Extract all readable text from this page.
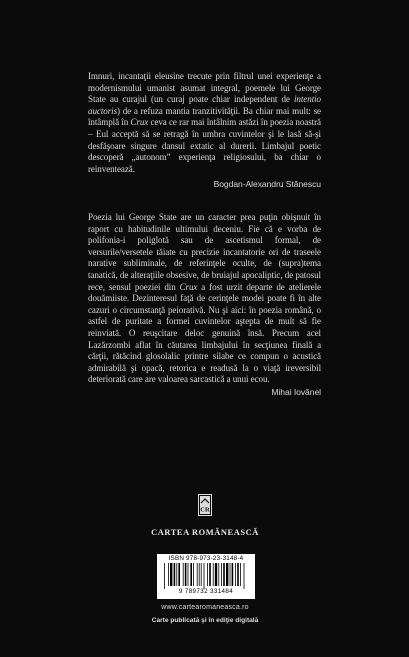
Imnuri, incantaţii eleusine trecute prin filtrul unei experienţe a modernismului umanist asumat integral, poemele lui George State au curajul (un curaj poate chiar independent de intentio auctoris) de a refuza mantia tranzitivităţii. Ba chiar mai mult: se întâmplă în Crux ceva ce rar mai întâlnim astăzi în poezia noastră – Eul acceptă să se retragă în umbra cuvintelor şi le lasă să-şi desfăşoare singure dansul extatic al durerii. Limbajul poetic descoperă „autonom” experienţa religiosului, ba chiar o reinventează.

Bogdan-Alexandru Stănescu

Poezia lui George State are un caracter prea puţin obişnuit în raport cu habitudinile ultimului deceniu. Fie că e vorba de polifonia-i poliglotă sau de ascetismul formal, de versurile/versetele tăiate cu precizie incantatorie ori de traseele narative subliminale, de referinţele oculte, de (supra)tema tanatică, de alteraţiile obsesive, de bruiajul apocaliptic, de patosul rece, sensul poeziei din Crux a fost urzit departe de atelierele douămiiste. Dezinteresul faţă de cerinţele modei poate fi în alte cazuri o circumstanţă peiorativă. Nu şi aici: în poezia română, o astfel de puritate a formei cuvintelor aştepta de mult să fie reinviată. O reuşcitare deloc genuină însă. Precum acel Lazărzombi aflat în căutarea limbajului în secţiunea finală a cărţii, rătăcind glosolalic printre silabe ce compun o acustică admirabilă şi opacă, retorica e readusă la o viaţă ireversibil deteriorată care are valoarea sarcastică a unui ecou.

Mihai Iovănel

CR
CARTEA ROMÂNEASCĂ
ISBN 978-973-23-3148-4
9 789732 331484
www.cartearomaneasca.ro
Carte publicată şi în ediţie digitală
